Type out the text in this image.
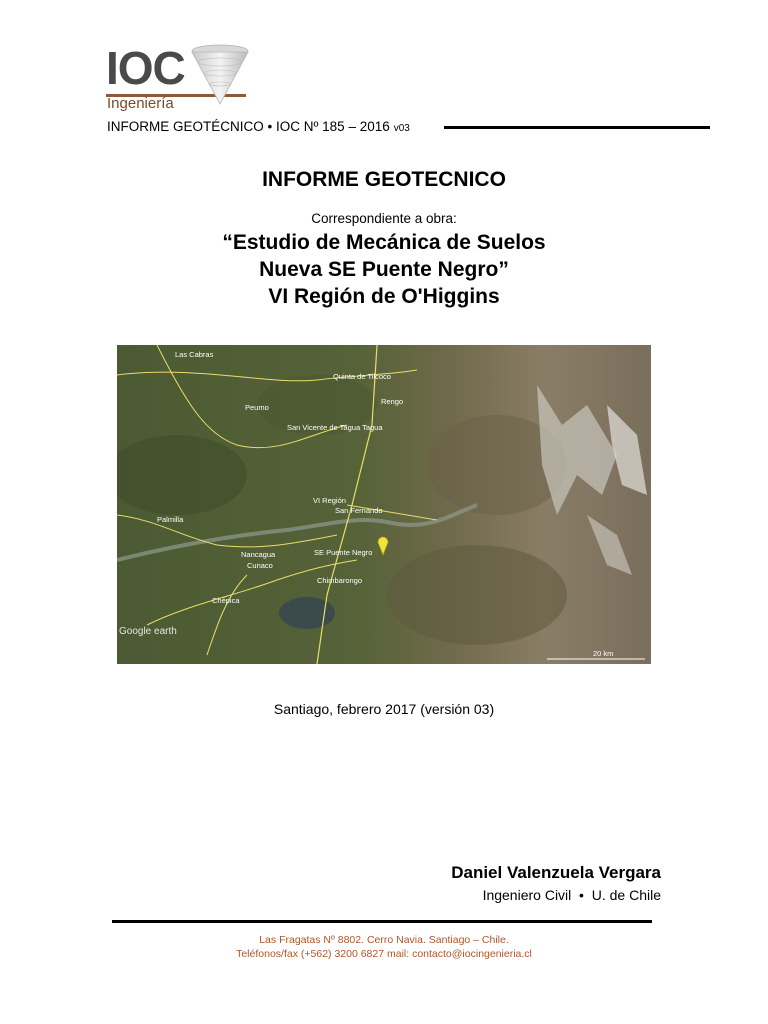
IOC
Ingeniería
INFORME GEOTÉCNICO • IOC Nº 185 – 2016 v03
INFORME GEOTECNICO
Correspondiente a obra:
“Estudio de Mecánica de Suelos
Nueva SE Puente Negro”
VI Región de O'Higgins
Las Cabras
Quinta de Tilcoco
Rengo
Peumo
San Vicente de Tagua Tagua
VI Región
San Fernando
Palmilla
Nancagua
Cunaco
SE Puente Negro
Chimbarongo
Chépica
Google earth
20 km
Santiago, febrero 2017 (versión 03)
Daniel Valenzuela Vergara
Ingeniero Civil  •  U. de Chile
Las Fragatas Nº 8802. Cerro Navia. Santiago – Chile.
Teléfonos/fax (+562) 3200 6827 mail: contacto@iocingenieria.cl
